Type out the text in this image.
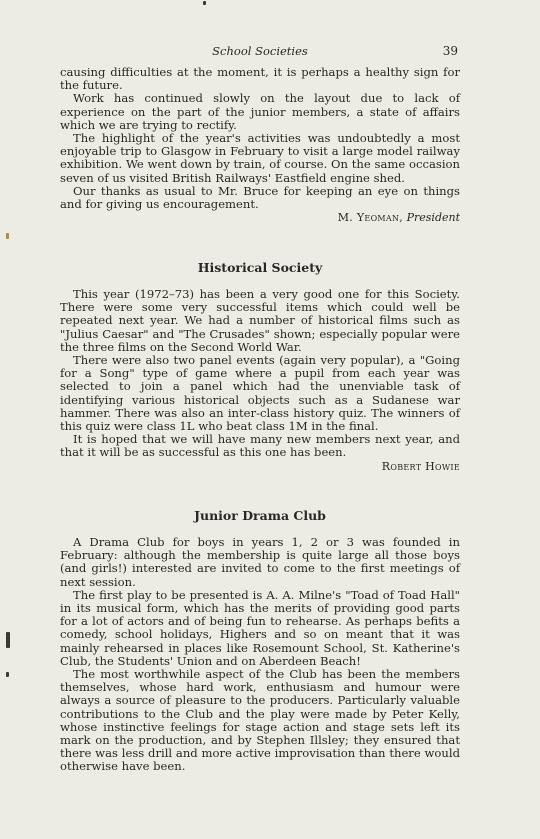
School Societies	39

causing difficulties at the moment, it is perhaps a healthy sign for the future.

Work has continued slowly on the layout due to lack of experience on the part of the junior members, a state of affairs which we are trying to rectify.

The highlight of the year's activities was undoubtedly a most enjoyable trip to Glasgow in February to visit a large model railway exhibition. We went down by train, of course. On the same occasion seven of us visited British Railways' Eastfield engine shed.

Our thanks as usual to Mr. Bruce for keeping an eye on things and for giving us encouragement.

M. Yeoman, President
Historical Society

This year (1972–73) has been a very good one for this Society. There were some very successful items which could well be repeated next year. We had a number of historical films such as "Julius Caesar" and "The Crusades" shown; especially popular were the three films on the Second World War.

There were also two panel events (again very popular), a "Going for a Song" type of game where a pupil from each year was selected to join a panel which had the unenviable task of identifying various historical objects such as a Sudanese war hammer. There was also an inter-class history quiz. The winners of this quiz were class 1L who beat class 1M in the final.

It is hoped that we will have many new members next year, and that it will be as successful as this one has been.

Robert Howie
Junior Drama Club

A Drama Club for boys in years 1, 2 or 3 was founded in February: although the membership is quite large all those boys (and girls!) interested are invited to come to the first meetings of next session.

The first play to be presented is A. A. Milne's "Toad of Toad Hall" in its musical form, which has the merits of providing good parts for a lot of actors and of being fun to rehearse. As perhaps befits a comedy, school holidays, Highers and so on meant that it was mainly rehearsed in places like Rosemount School, St. Katherine's Club, the Students' Union and on Aberdeen Beach!

The most worthwhile aspect of the Club has been the members themselves, whose hard work, enthusiasm and humour were always a source of pleasure to the producers. Particularly valuable contributions to the Club and the play were made by Peter Kelly, whose instinctive feelings for stage action and stage sets left its mark on the production, and by Stephen Illsley; they ensured that there was less drill and more active improvisation than there would otherwise have been.
